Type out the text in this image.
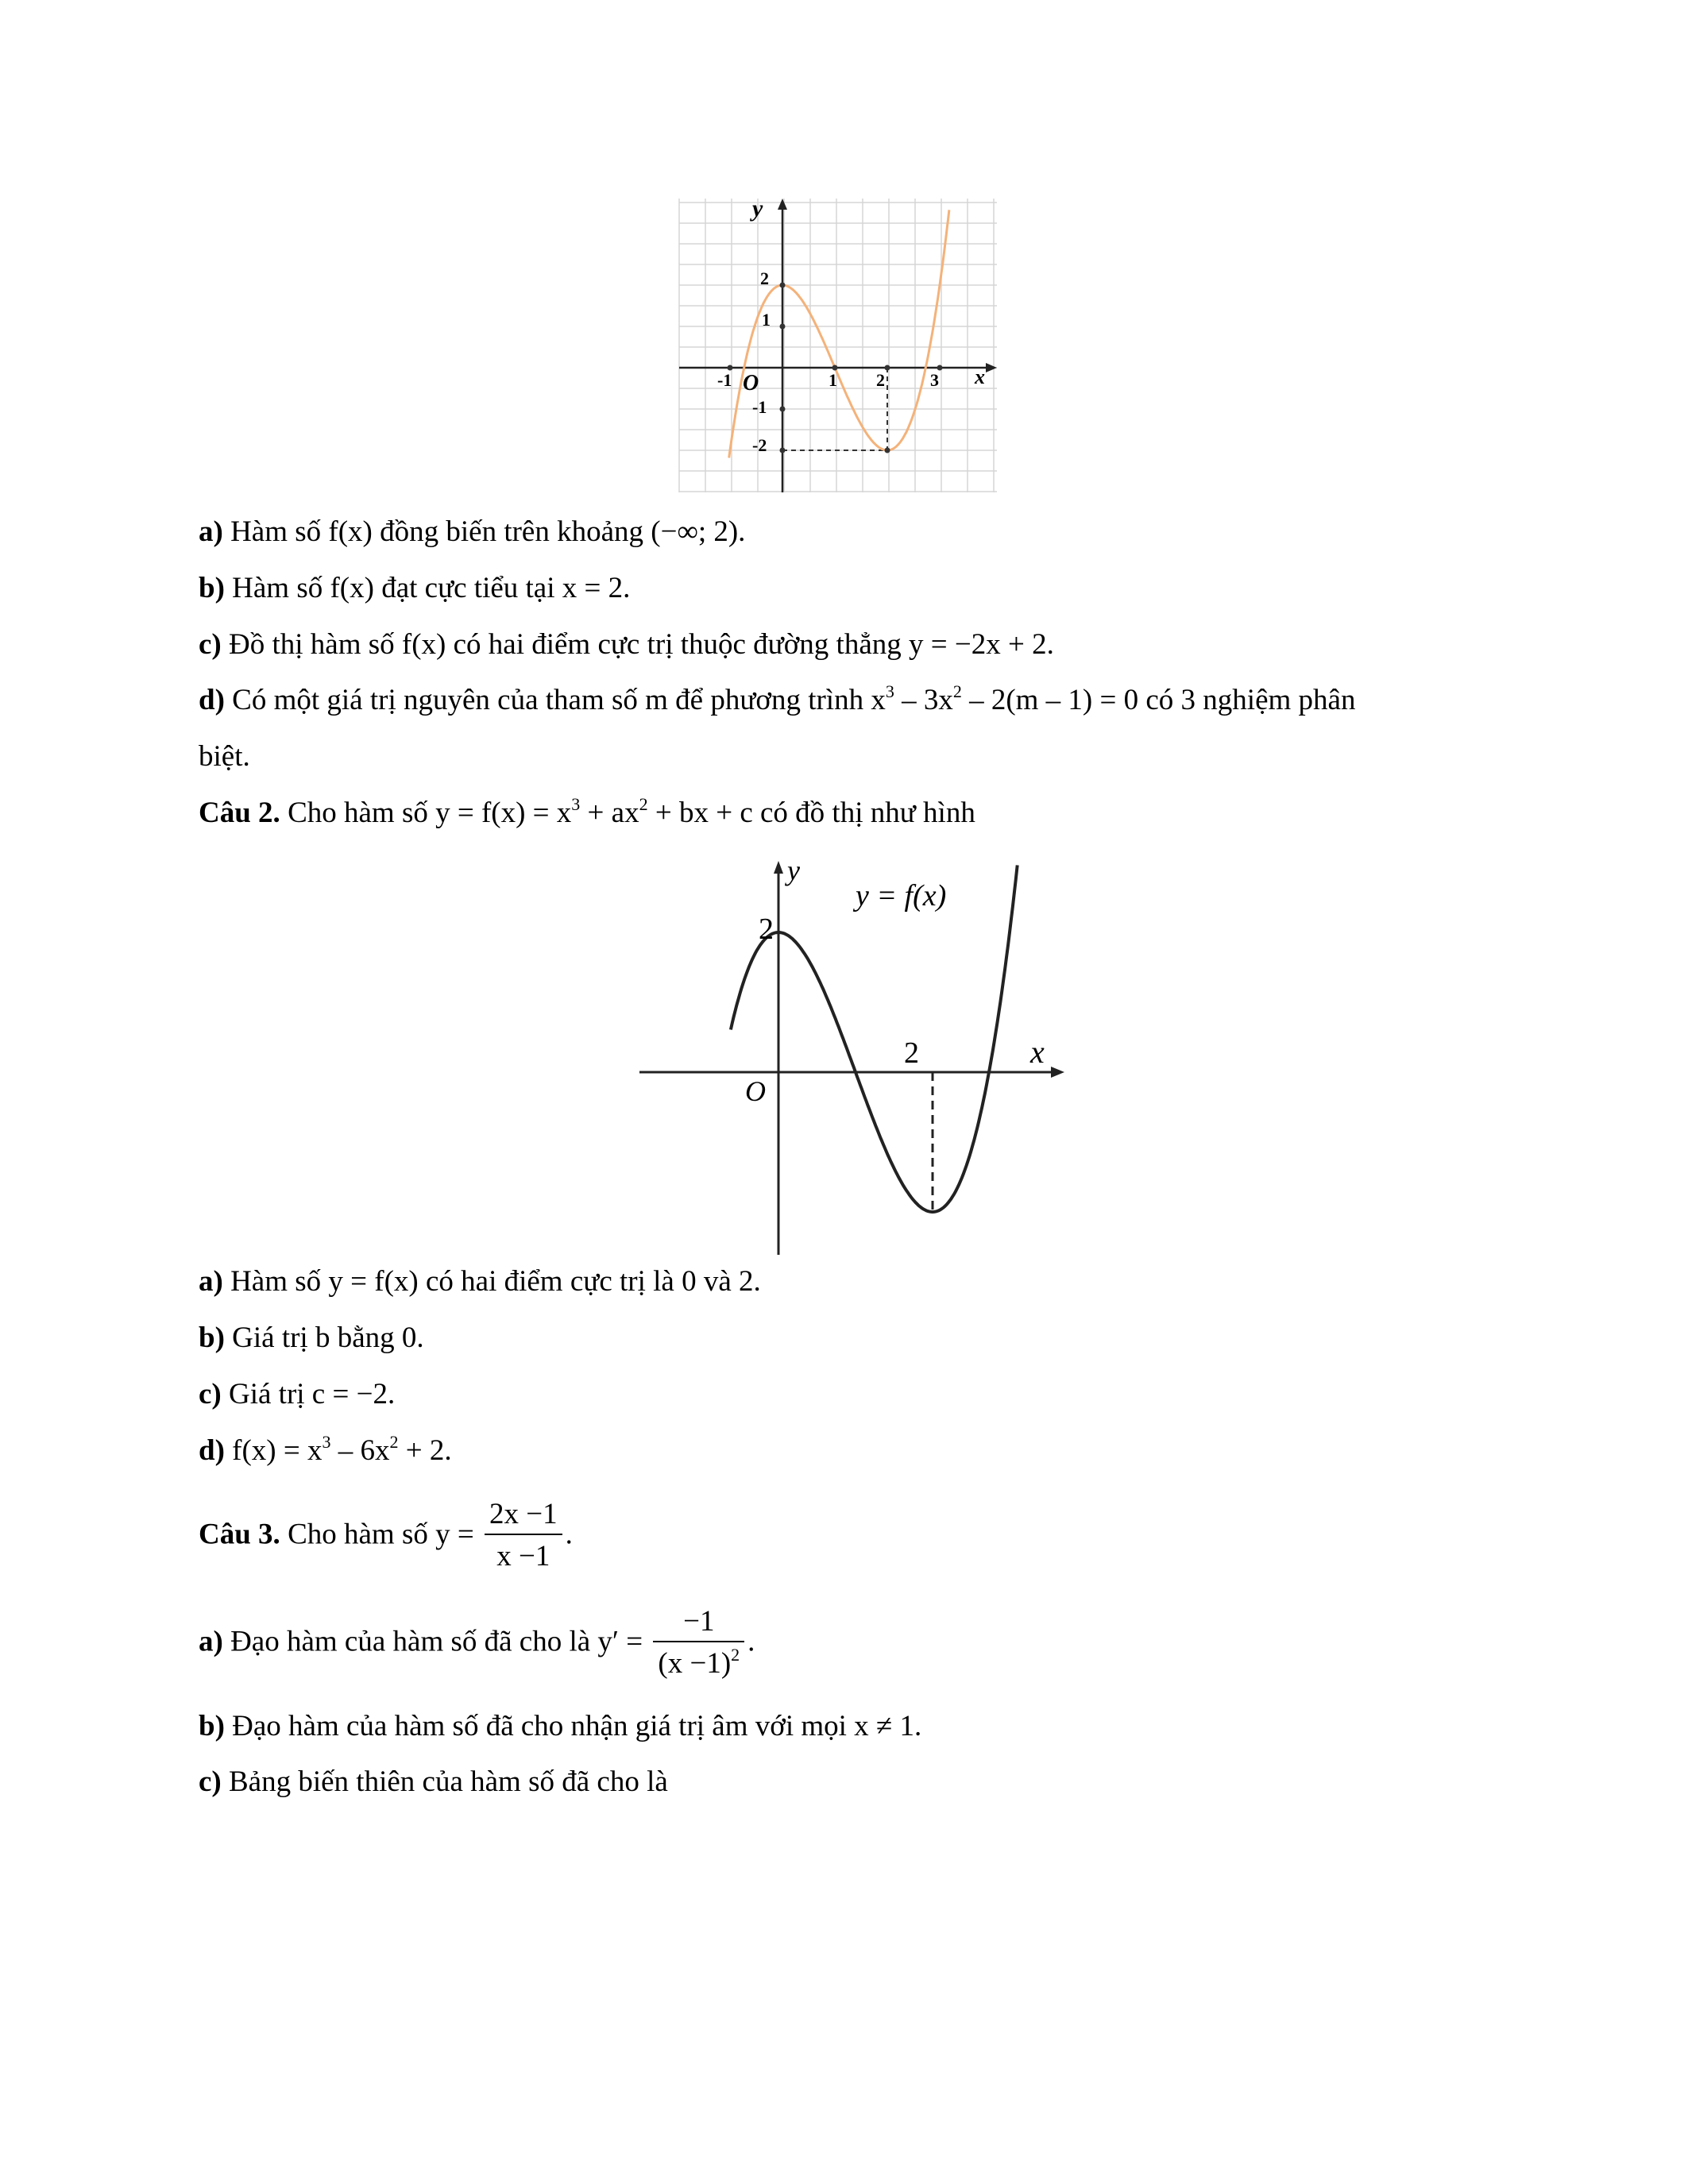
y
x
O
-1	1 2	3
2
1
-1
-2
a) Hàm số f(x) đồng biến trên khoảng (−∞; 2).
b) Hàm số f(x) đạt cực tiểu tại x = 2.
c) Đồ thị hàm số f(x) có hai điểm cực trị thuộc đường thẳng y = −2x + 2.
d) Có một giá trị nguyên của tham số m để phương trình $x^3 - 3x^2 - 2(m - 1) = 0$ có 3 nghiệm phân
biệt.
Câu 2. Cho hàm số $y = f(x) = x^3 + ax^2$ + bx + c có đồ thị như hình
y
x
O
2
2
y = f(x)
a) Hàm số y = f(x) có hai điểm cực trị là 0 và 2.
b) Giá trị b bằng 0.
c) Giá trị c = −2.
d) $f(x) = x^3 - 6x^2 + 2$.
Câu 3. Cho hàm số $y = \frac{2x -1}{x -1}$ .
a) Đạo hàm của hàm số đã cho là $y' = \frac{-1}{(x -1)^2}$ .
b) Đạo hàm của hàm số đã cho nhận giá trị âm với mọi x ≠ 1.
c) Bảng biến thiên của hàm số đã cho là
